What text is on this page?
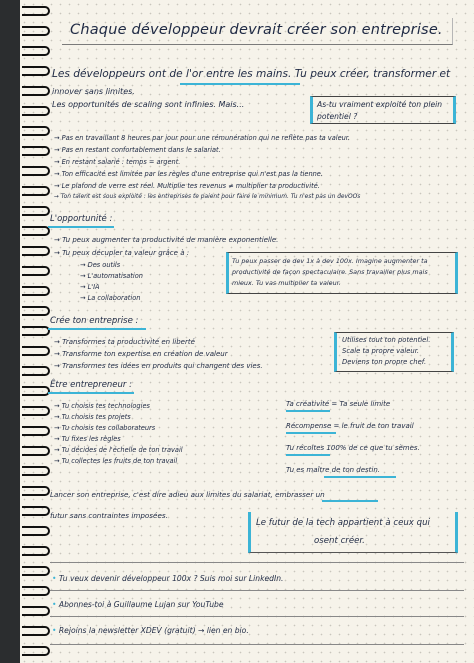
Chaque développeur devrait créer son entreprise.
Les développeurs ont de l'or entre les mains. Tu peux créer, transformer et
innover sans limites.
Les opportunités de scaling sont infinies. Mais...	As-tu vraiment exploité ton plein potentiel ?
→ Pas en travaillant 8 heures par jour pour une rémunération qui ne reflète pas ta valeur.
→ Pas en restant confortablement dans le salariat.
→ En restant salarié : temps = argent.
→ Ton efficacité est limitée par les règles d'une entreprise qui n'est pas la tienne.
→ Le plafond de verre est réel. Multiplie tes revenus ≠ multiplier ta productivité.
→ Ton talent est sous exploité : les entreprises te paient pour faire le minimum. Tu n'est pas un devOOs
L'opportunité :
→ Tu peux augmenter ta productivité de manière exponentielle.
→ Tu peux décupler ta valeur grâce à :
→ Des outils
→ L'automatisation
→ L'IA
→ La collaboration
Tu peux passer de dev 1x à dev 100x. Imagine augmenter ta productivité de façon spectaculaire. Sans travailler plus mais mieux. Tu vas multiplier ta valeur.
Crée ton entreprise :
→ Transformes ta productivité en liberté
→ Transforme ton expertise en création de valeur
→ Transformes tes idées en produits qui changent des vies.
Utilises tout ton potentiel.
Scale ta propre valeur.
Deviens ton propre chef.
Être entrepreneur :
→ Tu choisis tes technologies
→ Tu choisis tes projets
→ Tu choisis tes collaborateurs
→ Tu fixes les règles
→ Tu décides de l'échelle de ton travail
→ Tu collectes les fruits de ton travail
Ta créativité = Ta seule limite
Récompense = le fruit de ton travail
Tu récoltes 100% de ce que tu sèmes.
Tu es maître de ton destin.
Lancer son entreprise, c'est dire adieu aux limites du salariat, embrasser un
futur sans contraintes imposées.
Le futur de la tech appartient à ceux qui
osent créer.
• Tu veux devenir développeur 100x ? Suis moi sur LinkedIn.
• Abonnes-toi à Guillaume Lujan sur YouTube
• Rejoins la newsletter XDEV (gratuit) → lien en bio.
